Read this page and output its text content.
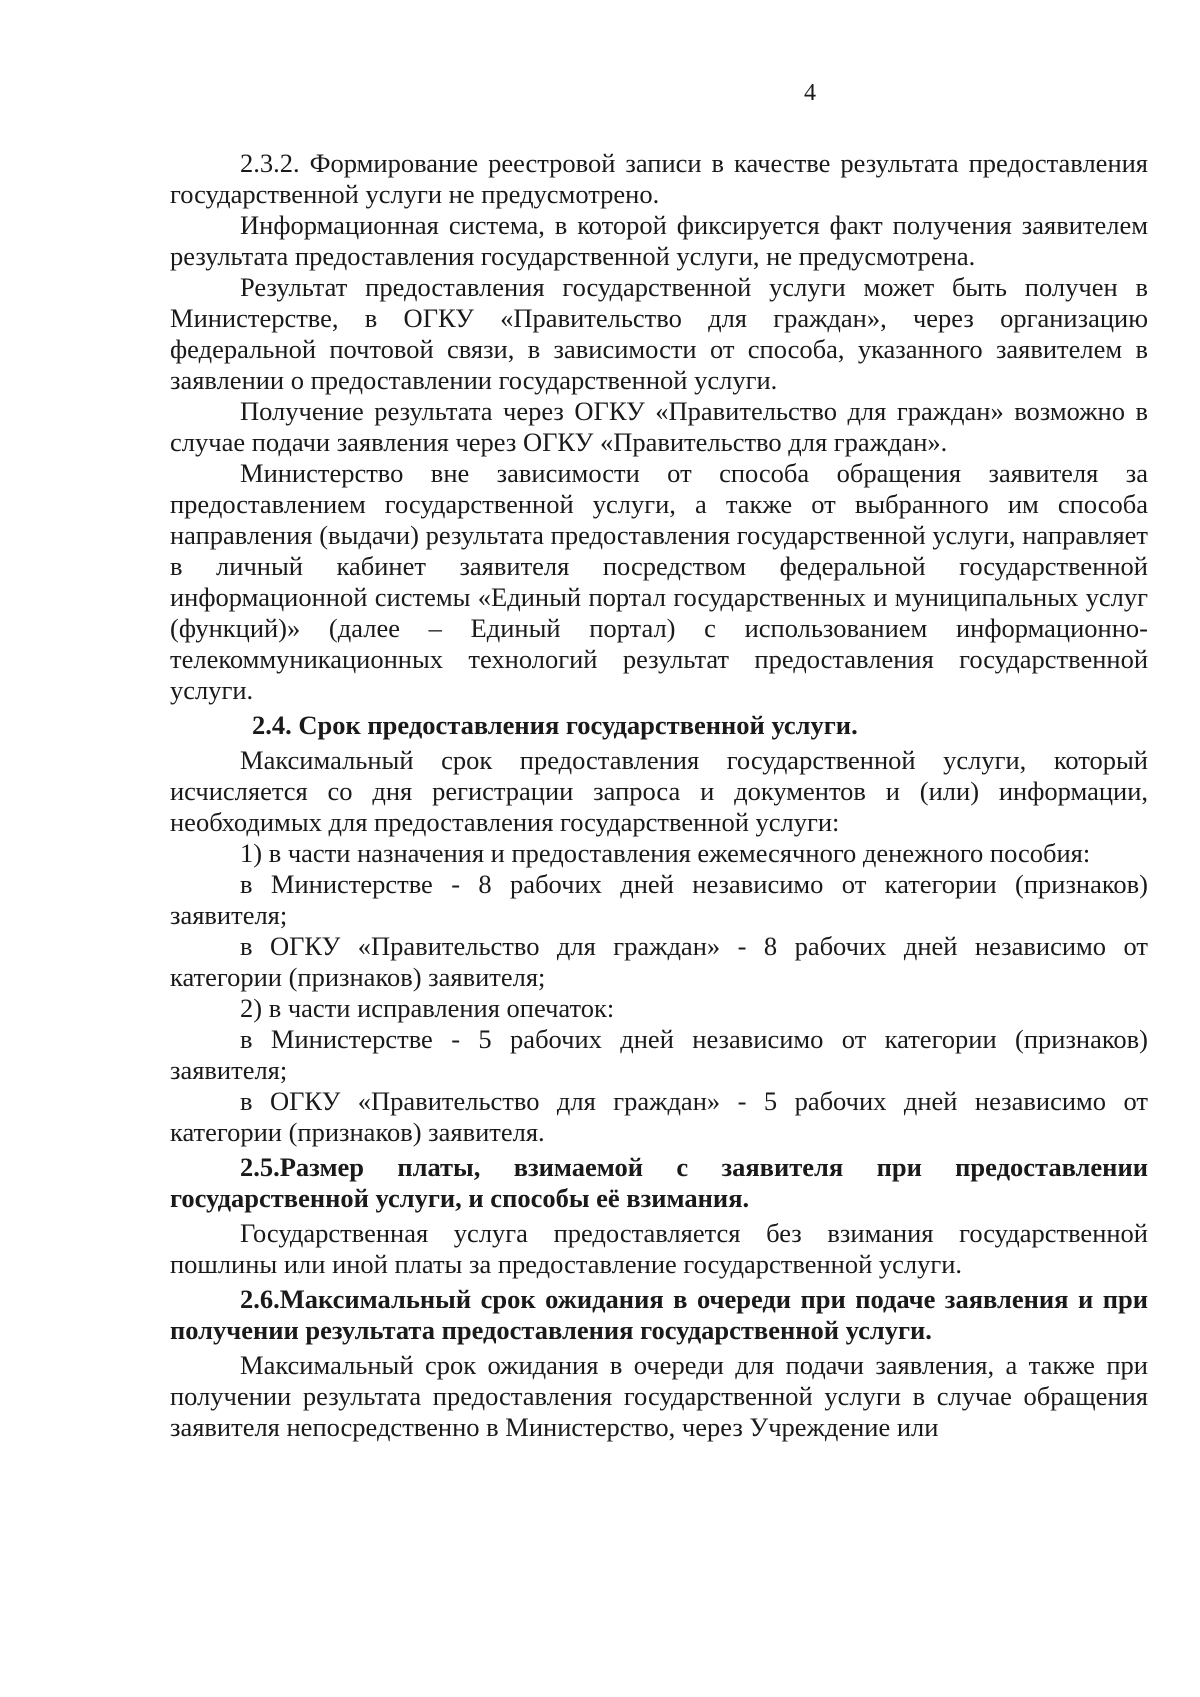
4

2.3.2. Формирование реестровой записи в качестве результата предоставления государственной услуги не предусмотрено.

Информационная система, в которой фиксируется факт получения заявителем результата предоставления государственной услуги, не предусмотрена.

Результат предоставления государственной услуги может быть получен в Министерстве, в ОГКУ «Правительство для граждан», через организацию федеральной почтовой связи, в зависимости от способа, указанного заявителем в заявлении о предоставлении государственной услуги.

Получение результата через ОГКУ «Правительство для граждан» возможно в случае подачи заявления через ОГКУ «Правительство для граждан».

Министерство вне зависимости от способа обращения заявителя за предоставлением государственной услуги, а также от выбранного им способа направления (выдачи) результата предоставления государственной услуги, направляет в личный кабинет заявителя посредством федеральной государственной информационной системы «Единый портал государственных и муниципальных услуг (функций)» (далее – Единый портал) с использованием информационно-телекоммуникационных технологий результат предоставления государственной услуги.

2.4. Срок предоставления государственной услуги.

Максимальный срок предоставления государственной услуги, который исчисляется со дня регистрации запроса и документов и (или) информации, необходимых для предоставления государственной услуги:

1) в части назначения и предоставления ежемесячного денежного пособия:

в Министерстве - 8 рабочих дней независимо от категории (признаков) заявителя;

в ОГКУ «Правительство для граждан» - 8 рабочих дней независимо от категории (признаков) заявителя;

2) в части исправления опечаток:

в Министерстве - 5 рабочих дней независимо от категории (признаков) заявителя;

в ОГКУ «Правительство для граждан» - 5 рабочих дней независимо от категории (признаков) заявителя.

2.5.Размер платы, взимаемой с заявителя при предоставлении государственной услуги, и способы её взимания.

Государственная услуга предоставляется без взимания государственной пошлины или иной платы за предоставление государственной услуги.

2.6.Максимальный срок ожидания в очереди при подаче заявления и при получении результата предоставления государственной услуги.

Максимальный срок ожидания в очереди для подачи заявления, а также при получении результата предоставления государственной услуги в случае обращения заявителя непосредственно в Министерство, через Учреждение или
